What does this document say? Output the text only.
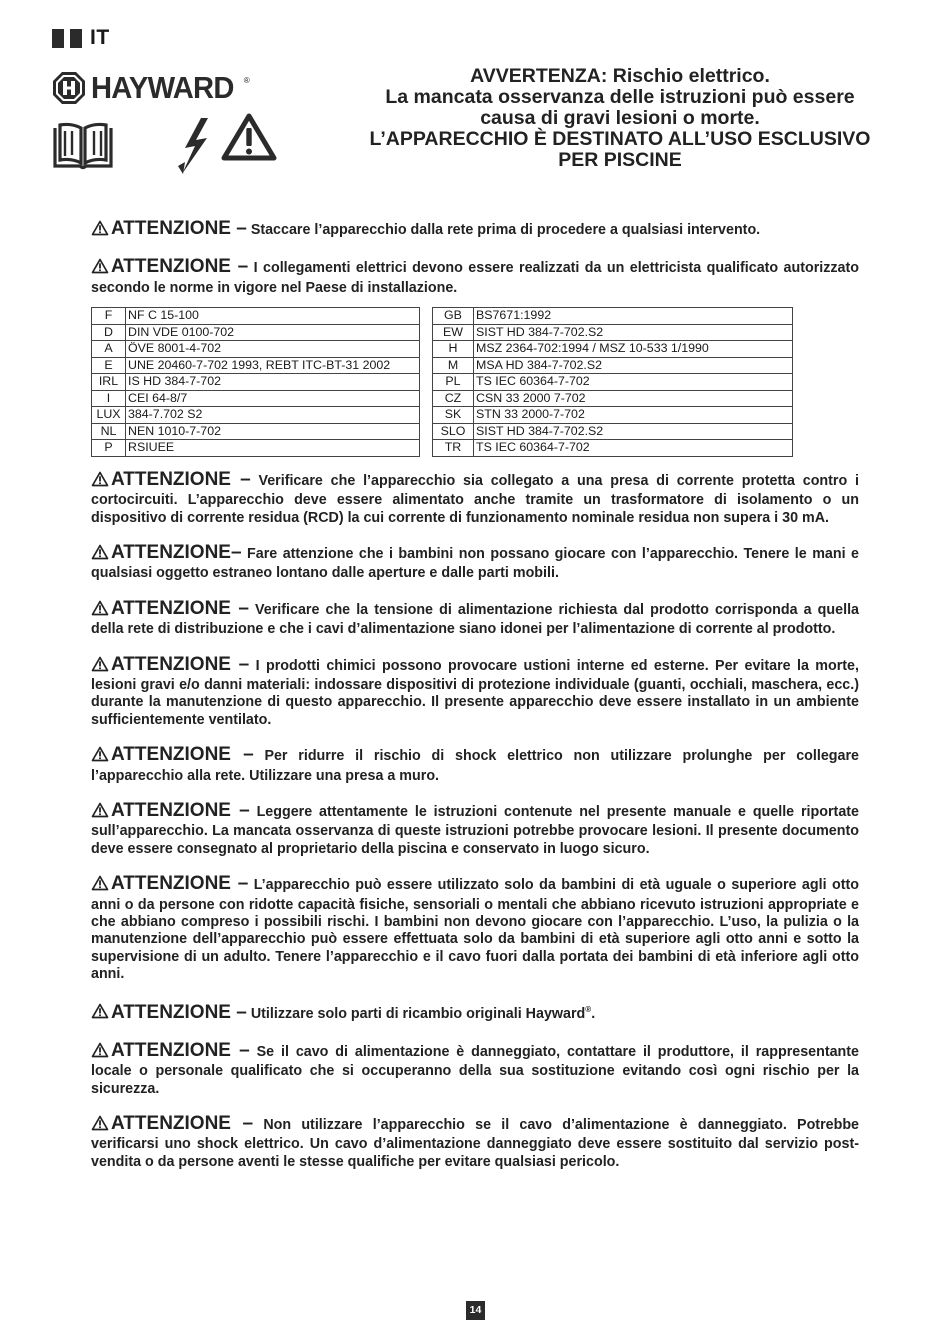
IT
HAYWARD ®	AVVERTENZA: Rischio elettrico.
La mancata osservanza delle istruzioni può essere
causa di gravi lesioni o morte.
L’APPARECCHIO È DESTINATO ALL’USO ESCLUSIVO
PER PISCINE

ATTENZIONE – Staccare l’apparecchio dalla rete prima di procedere a qualsiasi intervento.

ATTENZIONE – I collegamenti elettrici devono essere realizzati da un elettricista qualificato autorizzato secondo le norme in vigore nel Paese di installazione.

F	NF C 15-100		GB	BS7671:1992
D	DIN VDE 0100-702		EW	SIST HD 384-7-702.S2
A	ÖVE 8001-4-702		H	MSZ 2364-702:1994 / MSZ 10-533 1/1990
E	UNE 20460-7-702 1993, REBT ITC-BT-31 2002		M	MSA HD 384-7-702.S2
IRL	IS HD 384-7-702		PL	TS IEC 60364-7-702
I	CEI 64-8/7		CZ	CSN 33 2000 7-702
LUX	384-7.702 S2		SK	STN 33 2000-7-702
NL	NEN 1010-7-702		SLO	SIST HD 384-7-702.S2
P	RSIUEE		TR	TS IEC 60364-7-702

ATTENZIONE – Verificare che l’apparecchio sia collegato a una presa di corrente protetta contro i cortocircuiti. L’apparecchio deve essere alimentato anche tramite un trasformatore di isolamento o un dispositivo di corrente residua (RCD) la cui corrente di funzionamento nominale residua non supera i 30 mA.

ATTENZIONE– Fare attenzione che i bambini non possano giocare con l’apparecchio. Tenere le mani e qualsiasi oggetto estraneo lontano dalle aperture e dalle parti mobili.

ATTENZIONE – Verificare che la tensione di alimentazione richiesta dal prodotto corrisponda a quella della rete di distribuzione e che i cavi d’alimentazione siano idonei per l’alimentazione di corrente al prodotto.

ATTENZIONE – I prodotti chimici possono provocare ustioni interne ed esterne. Per evitare la morte, lesioni gravi e/o danni materiali: indossare dispositivi di protezione individuale (guanti, occhiali, maschera, ecc.) durante la manutenzione di questo apparecchio. Il presente apparecchio deve essere installato in un ambiente sufficientemente ventilato.

ATTENZIONE – Per ridurre il rischio di shock elettrico non utilizzare prolunghe per collegare l’apparecchio alla rete. Utilizzare una presa a muro.

ATTENZIONE – Leggere attentamente le istruzioni contenute nel presente manuale e quelle riportate sull’apparecchio. La mancata osservanza di queste istruzioni potrebbe provocare lesioni. Il presente documento deve essere consegnato al proprietario della piscina e conservato in luogo sicuro.

ATTENZIONE – L’apparecchio può essere utilizzato solo da bambini di età uguale o superiore agli otto anni o da persone con ridotte capacità fisiche, sensoriali o mentali che abbiano ricevuto istruzioni appropriate e che abbiano compreso i possibili rischi. I bambini non devono giocare con l’apparecchio. L’uso, la pulizia o la manutenzione dell’apparecchio può essere effettuata solo da bambini di età superiore agli otto anni e sotto la supervisione di un adulto. Tenere l’apparecchio e il cavo fuori dalla portata dei bambini di età inferiore agli otto anni.

ATTENZIONE – Utilizzare solo parti di ricambio originali Hayward®.

ATTENZIONE – Se il cavo di alimentazione è danneggiato, contattare il produttore, il rappresentante locale o personale qualificato che si occuperanno della sua sostituzione evitando così ogni rischio per la sicurezza.

ATTENZIONE – Non utilizzare l’apparecchio se il cavo d’alimentazione è danneggiato. Potrebbe verificarsi uno shock elettrico. Un cavo d’alimentazione danneggiato deve essere sostituito dal servizio post-vendita o da persone aventi le stesse qualifiche per evitare qualsiasi pericolo.

14
